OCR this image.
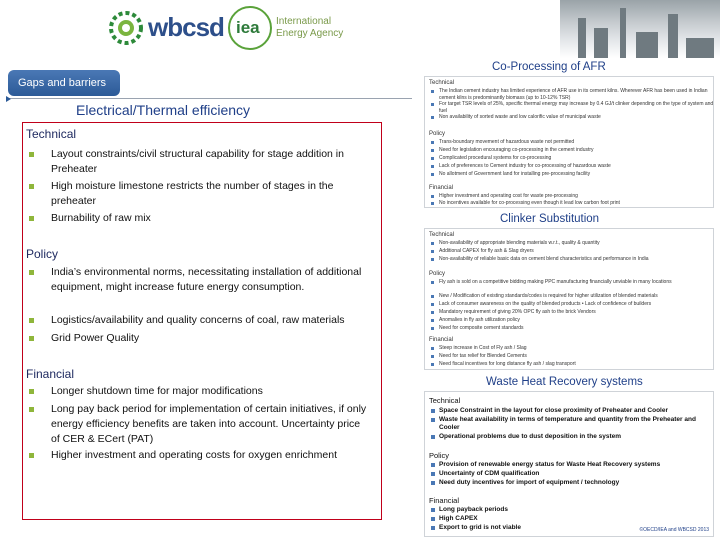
wbcsd iea International
Energy Agency
Gaps and barriers
Electrical/Thermal efficiency
Technical
Layout constraints/civil structural capability for stage addition in Preheater
High moisture limestone restricts the number of stages in the preheater
Burnability of raw mix
Policy
India’s environmental norms, necessitating installation of additional equipment, might increase future energy consumption.
Logistics/availability and quality concerns of coal, raw materials
Grid Power Quality
Financial
Longer shutdown time for major modifications
Long pay back period for implementation of certain initiatives, if only energy efficiency benefits are taken into account. Uncertainty price of CER & ECert (PAT)
Higher investment and operating costs for oxygen enrichment
Co-Processing of AFR
Technical
The Indian cement industry has limited experience of AFR use in its cement kilns. Wherever AFR has been used in Indian cement kilns is predominantly biomass (up to 10-12% TSR)
For target TSR levels of 25%, specific thermal energy may increase by 0.4 GJ/t clinker depending on the type of system and fuel
Non availability of sorted waste and low calorific value of municipal waste
Policy
Trans-boundary movement of hazardous waste not permitted
Need for legislation encouraging co-processing in the cement industry
Complicated procedural systems for co-processing
Lack of preferences to Cement industry for co-processing of hazardous waste
No allotment of Government land for installing pre-processing facility
Financial
Higher investment and operating cost for waste pre-processing
No incentives available for co-processing even though it lead low carbon foot print
Clinker Substitution
Technical
Non-availability of appropriate blending materials w.r.t., quality & quantity
Additional CAPEX for fly ash & Slag dryers
Non-availability of reliable basic data on cement blend characteristics and performance in India
Policy
Fly ash is sold on a competitive bidding making PPC manufacturing financially unviable in many locations
New / Modification of existing standards/codes is required for higher utilization of blended materials
Lack of consumer awareness on the quality of blended products • Lack of confidence of builders
Mandatory requirement of giving 20% OPC fly ash to the brick Vendors
Anomalies in fly ash utilization policy
Need for composite cement standards
Financial
Steep increase in Cost of Fly ash / Slag
Need for tax relief for Blended Cements
Need fiscal incentives for long distance fly ash / slag transport
Waste Heat Recovery systems
Technical
Space Constraint in the layout for close proximity of Preheater and Cooler
Waste heat availability in terms of temperature and quantity from the Preheater and Cooler
Operational problems due to dust deposition in the system
Policy
Provision of renewable energy status for Waste Heat Recovery systems
Uncertainty of CDM qualification
Need duty incentives for import of equipment / technology
Financial
Long payback periods
High CAPEX
Export to grid is not viable	©OECD/IEA and WBCSD 2013
